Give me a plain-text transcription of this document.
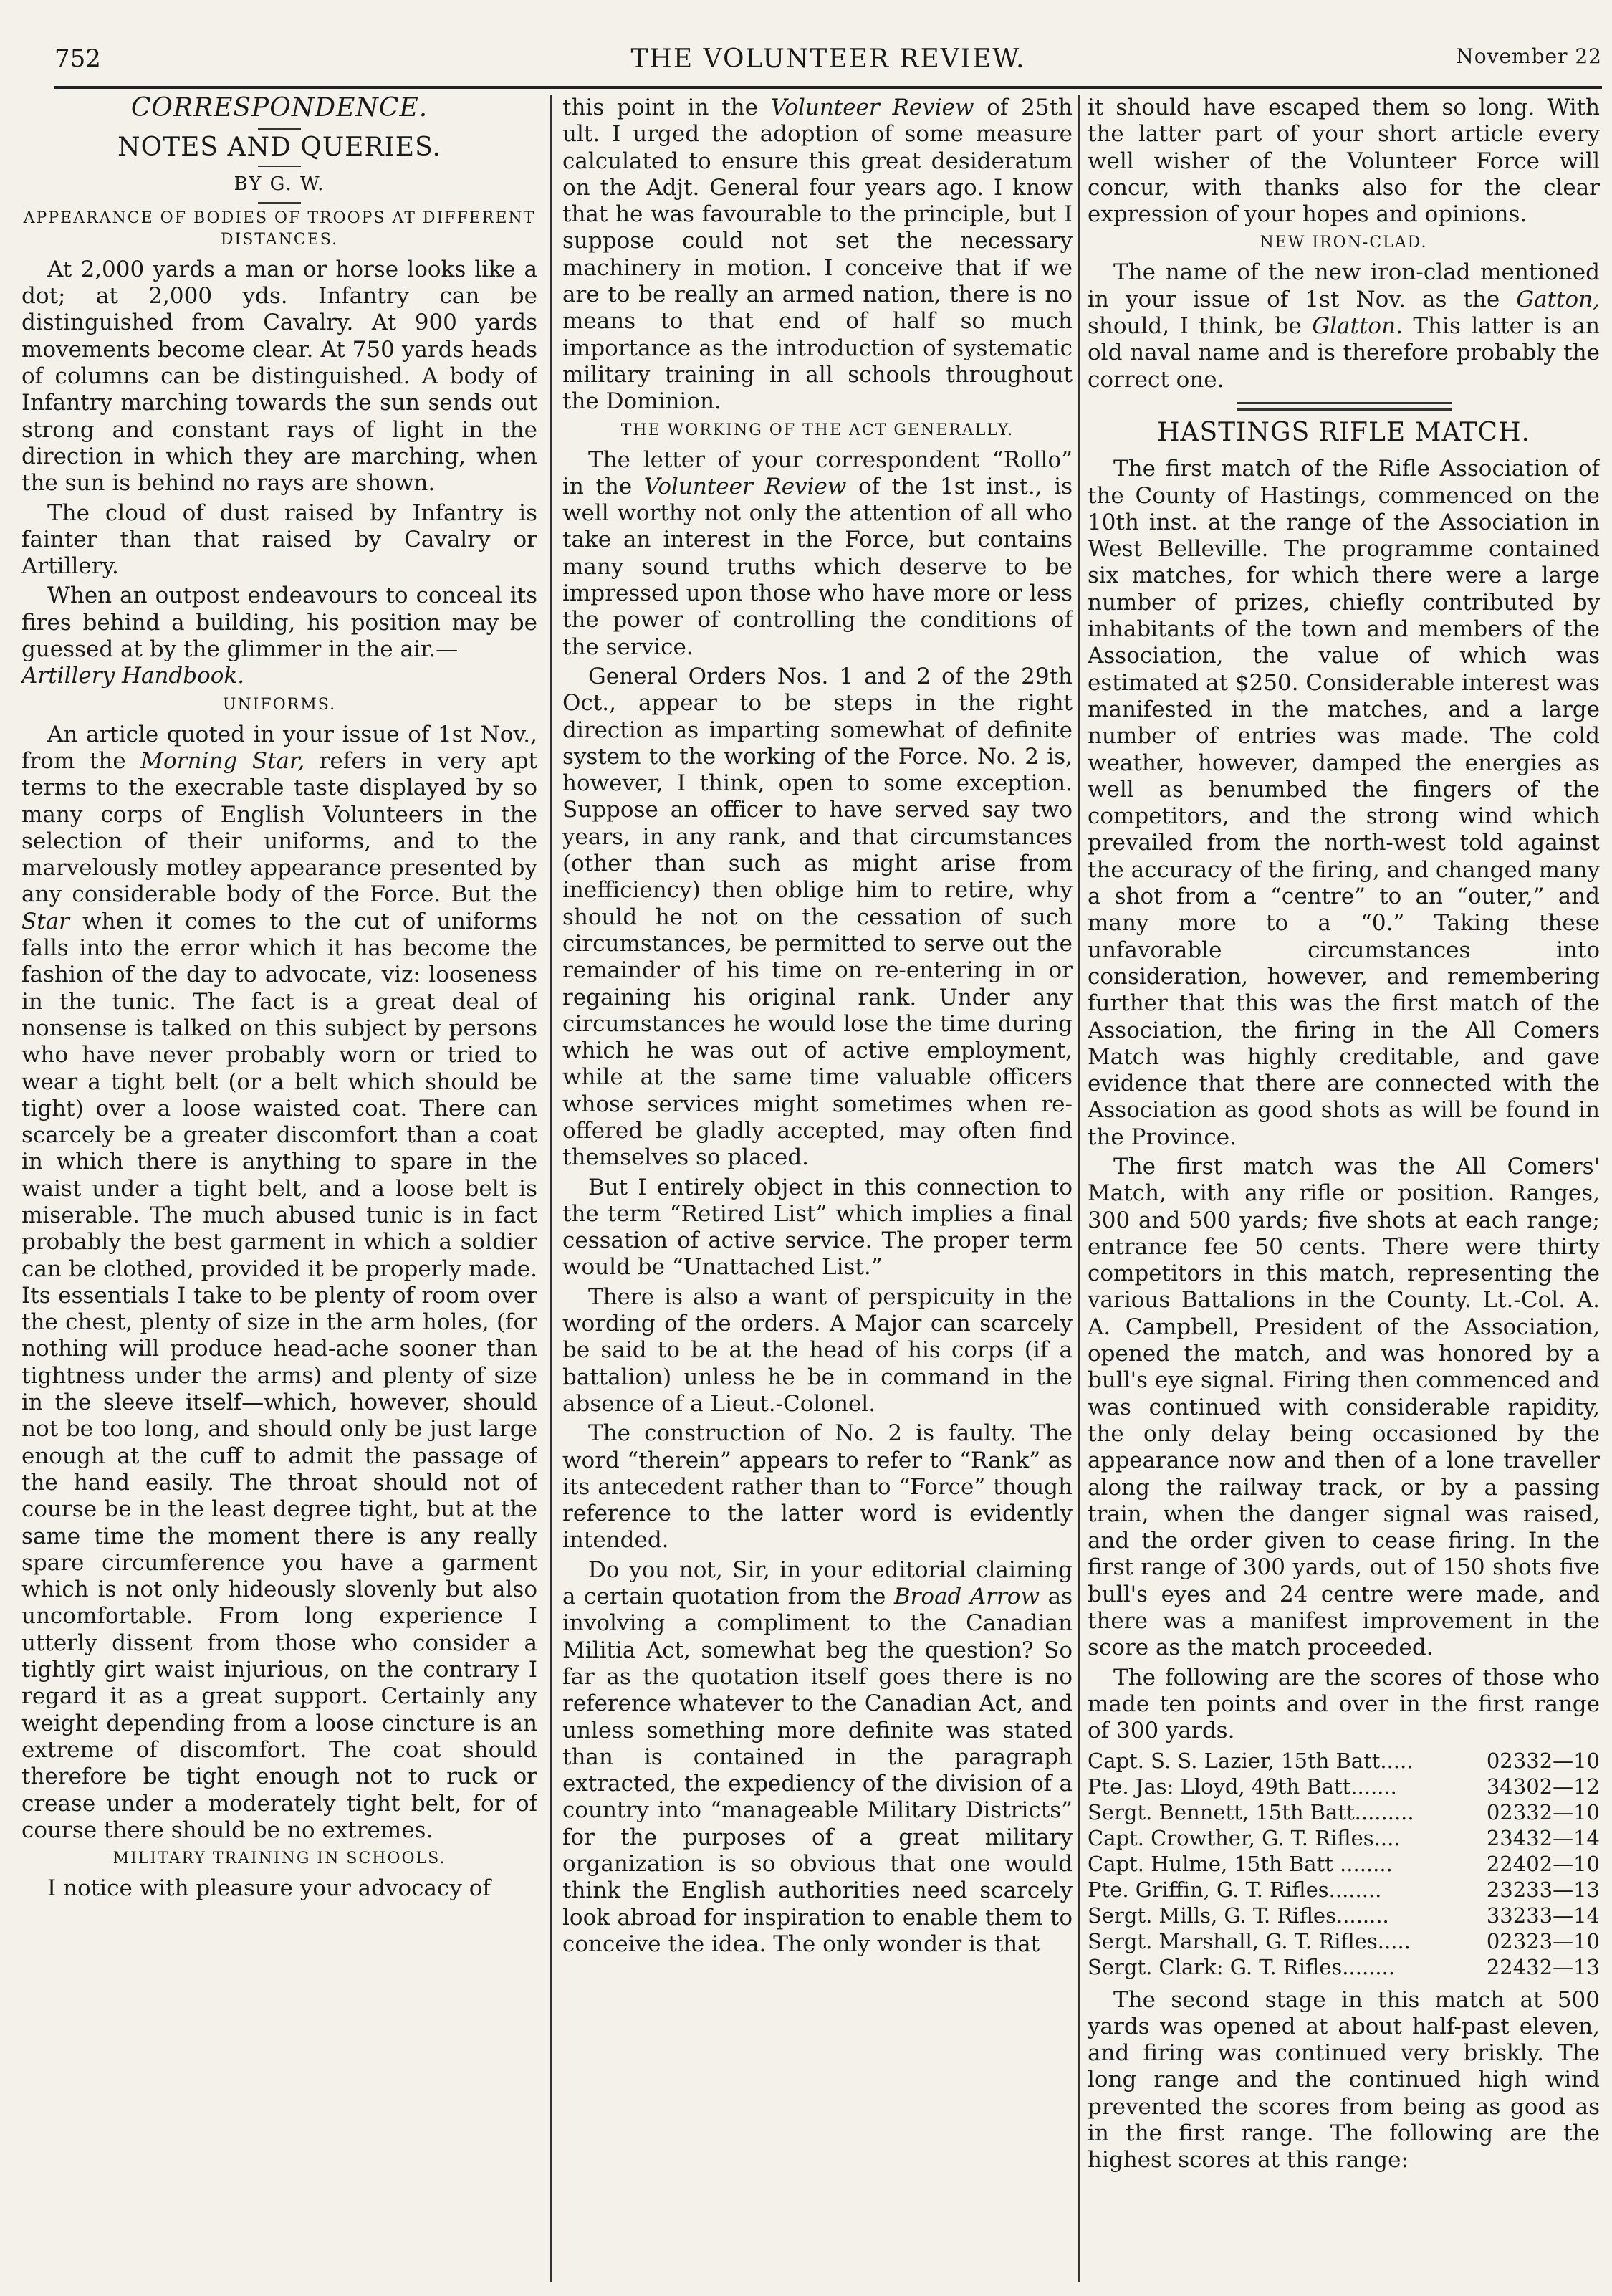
752	THE VOLUNTEER REVIEW.	November 22
CORRESPONDENCE.
NOTES AND QUERIES.
BY G. W.
APPEARANCE OF BODIES OF TROOPS AT DIFFERENT DISTANCES.

At 2,000 yards a man or horse looks like a dot; at 2,000 yds. Infantry can be distinguished from Cavalry. At 900 yards movements become clear. At 750 yards heads of columns can be distinguished. A body of Infantry marching towards the sun sends out strong and constant rays of light in the direction in which they are marching, when the sun is behind no rays are shown.

The cloud of dust raised by Infantry is fainter than that raised by Cavalry or Artillery.

When an outpost endeavours to conceal its fires behind a building, his position may be guessed at by the glimmer in the air.—
Artillery Handbook.

UNIFORMS.

An article quoted in your issue of 1st Nov., from the Morning Star, refers in very apt terms to the execrable taste displayed by so many corps of English Volunteers in the selection of their uniforms, and to the marvelously motley appearance presented by any considerable body of the Force. But the Star when it comes to the cut of uniforms falls into the error which it has become the fashion of the day to advocate, viz: looseness in the tunic. The fact is a great deal of nonsense is talked on this subject by persons who have never probably worn or tried to wear a tight belt (or a belt which should be tight) over a loose waisted coat. There can scarcely be a greater discomfort than a coat in which there is anything to spare in the waist under a tight belt, and a loose belt is miserable. The much abused tunic is in fact probably the best garment in which a soldier can be clothed, provided it be properly made. Its essentials I take to be plenty of room over the chest, plenty of size in the arm holes, (for nothing will produce head-ache sooner than tightness under the arms) and plenty of size in the sleeve itself—which, however, should not be too long, and should only be just large enough at the cuff to admit the passage of the hand easily. The throat should not of course be in the least degree tight, but at the same time the moment there is any really spare circumference you have a garment which is not only hideously slovenly but also uncomfortable. From long experience I utterly dissent from those who consider a tightly girt waist injurious, on the contrary I regard it as a great support. Certainly any weight depending from a loose cincture is an extreme of discomfort. The coat should therefore be tight enough not to ruck or crease under a moderately tight belt, for of course there should be no extremes.

MILITARY TRAINING IN SCHOOLS.

I notice with pleasure your advocacy of

this point in the Volunteer Review of 25th ult. I urged the adoption of some measure calculated to ensure this great desideratum on the Adjt. General four years ago. I know that he was favourable to the principle, but I suppose could not set the necessary machinery in motion. I conceive that if we are to be really an armed nation, there is no means to that end of half so much importance as the introduction of systematic military training in all schools throughout the Dominion.

THE WORKING OF THE ACT GENERALLY.

The letter of your correspondent “Rollo” in the Volunteer Review of the 1st inst., is well worthy not only the attention of all who take an interest in the Force, but contains many sound truths which deserve to be impressed upon those who have more or less the power of controlling the conditions of the service.

General Orders Nos. 1 and 2 of the 29th Oct., appear to be steps in the right direction as imparting somewhat of definite system to the working of the Force. No. 2 is, however, I think, open to some exception. Suppose an officer to have served say two years, in any rank, and that circumstances (other than such as might arise from inefficiency) then oblige him to retire, why should he not on the cessation of such circumstances, be permitted to serve out the remainder of his time on re-entering in or regaining his original rank. Under any circumstances he would lose the time during which he was out of active employment, while at the same time valuable officers whose services might sometimes when re-offered be gladly accepted, may often find themselves so placed.

But I entirely object in this connection to the term “Retired List” which implies a final cessation of active service. The proper term would be “Unattached List.”

There is also a want of perspicuity in the wording of the orders. A Major can scarcely be said to be at the head of his corps (if a battalion) unless he be in command in the absence of a Lieut.-Colonel.

The construction of No. 2 is faulty. The word “therein” appears to refer to “Rank” as its antecedent rather than to “Force” though reference to the latter word is evidently intended.

Do you not, Sir, in your editorial claiming a certain quotation from the Broad Arrow as involving a compliment to the Canadian Militia Act, somewhat beg the question? So far as the quotation itself goes there is no reference whatever to the Canadian Act, and unless something more definite was stated than is contained in the paragraph extracted, the expediency of the division of a country into “manageable Military Districts” for the purposes of a great military organization is so obvious that one would think the English authorities need scarcely look abroad for inspiration to enable them to conceive the idea. The only wonder is that

it should have escaped them so long. With the latter part of your short article every well wisher of the Volunteer Force will concur, with thanks also for the clear expression of your hopes and opinions.

NEW IRON-CLAD.

The name of the new iron-clad mentioned in your issue of 1st Nov. as the Gatton, should, I think, be Glatton. This latter is an old naval name and is therefore probably the correct one.

HASTINGS RIFLE MATCH.

The first match of the Rifle Association of the County of Hastings, commenced on the 10th inst. at the range of the Association in West Belleville. The programme contained six matches, for which there were a large number of prizes, chiefly contributed by inhabitants of the town and members of the Association, the value of which was estimated at $250. Considerable interest was manifested in the matches, and a large number of entries was made. The cold weather, however, damped the energies as well as benumbed the fingers of the competitors, and the strong wind which prevailed from the north-west told against the accuracy of the firing, and changed many a shot from a “centre” to an “outer,” and many more to a “0.” Taking these unfavorable circumstances into consideration, however, and remembering further that this was the first match of the Association, the firing in the All Comers Match was highly creditable, and gave evidence that there are connected with the Association as good shots as will be found in the Province.

The first match was the All Comers' Match, with any rifle or position. Ranges, 300 and 500 yards; five shots at each range; entrance fee 50 cents. There were thirty competitors in this match, representing the various Battalions in the County. Lt.-Col. A. A. Campbell, President of the Association, opened the match, and was honored by a bull's eye signal. Firing then commenced and was continued with considerable rapidity, the only delay being occasioned by the appearance now and then of a lone traveller along the railway track, or by a passing train, when the danger signal was raised, and the order given to cease firing. In the first range of 300 yards, out of 150 shots five bull's eyes and 24 centre were made, and there was a manifest improvement in the score as the match proceeded.

The following are the scores of those who made ten points and over in the first range of 300 yards.

Capt. S. S. Lazier, 15th Batt.....	02332—10
Pte. Jas: Lloyd, 49th Batt.......	34302—12
Sergt. Bennett, 15th Batt.........	02332—10
Capt. Crowther, G. T. Rifles....	23432—14
Capt. Hulme, 15th Batt ........	22402—10
Pte. Griffin, G. T. Rifles........	23233—13
Sergt. Mills, G. T. Rifles........	33233—14
Sergt. Marshall, G. T. Rifles.....	02323—10
Sergt. Clark: G. T. Rifles........	22432—13

The second stage in this match at 500 yards was opened at about half-past eleven, and firing was continued very briskly. The long range and the continued high wind prevented the scores from being as good as in the first range. The following are the highest scores at this range:
